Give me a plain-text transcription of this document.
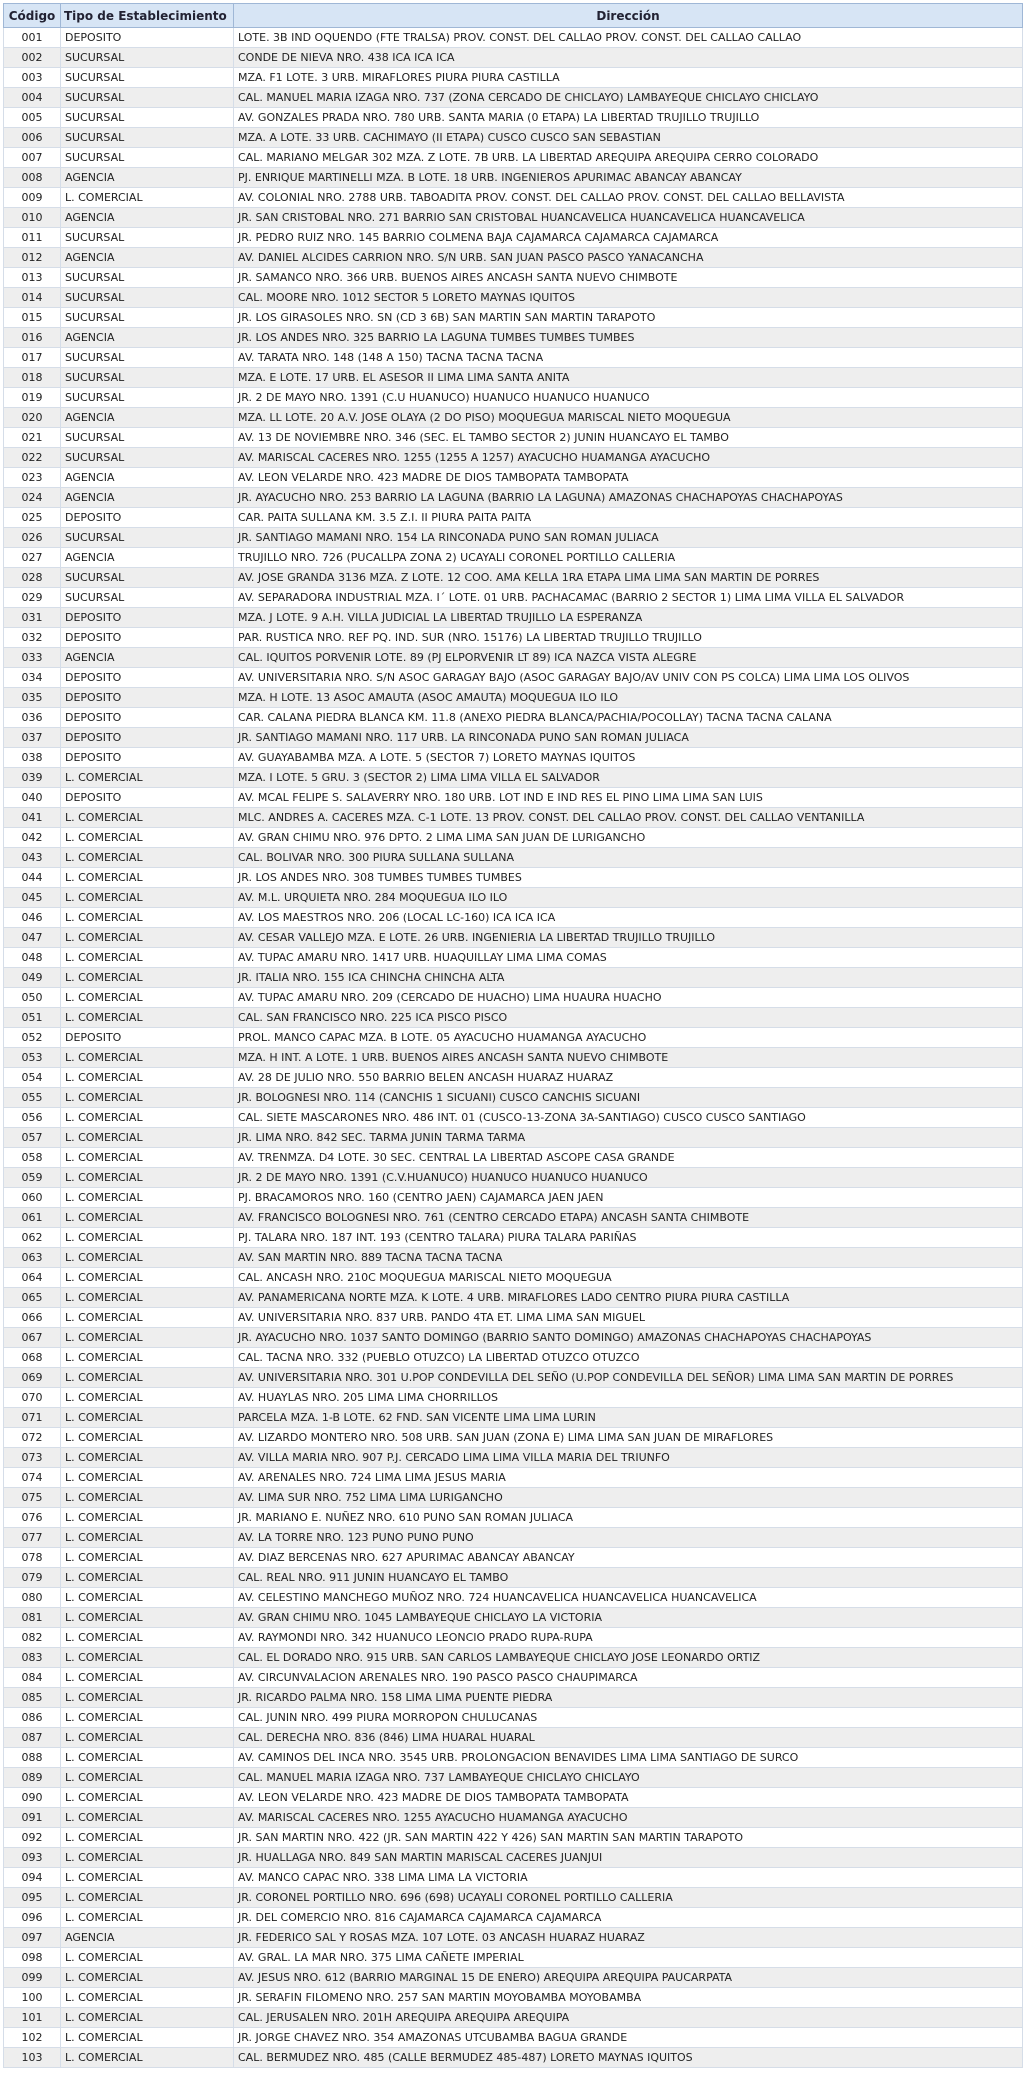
Código	Tipo de Establecimiento	Dirección
001	DEPOSITO	LOTE. 3B IND OQUENDO (FTE TRALSA) PROV. CONST. DEL CALLAO PROV. CONST. DEL CALLAO CALLAO
002	SUCURSAL	CONDE DE NIEVA NRO. 438 ICA ICA ICA
003	SUCURSAL	MZA. F1 LOTE. 3 URB. MIRAFLORES PIURA PIURA CASTILLA
004	SUCURSAL	CAL. MANUEL MARIA IZAGA NRO. 737 (ZONA CERCADO DE CHICLAYO) LAMBAYEQUE CHICLAYO CHICLAYO
005	SUCURSAL	AV. GONZALES PRADA NRO. 780 URB. SANTA MARIA (0 ETAPA) LA LIBERTAD TRUJILLO TRUJILLO
006	SUCURSAL	MZA. A LOTE. 33 URB. CACHIMAYO (II ETAPA) CUSCO CUSCO SAN SEBASTIAN
007	SUCURSAL	CAL. MARIANO MELGAR 302 MZA. Z LOTE. 7B URB. LA LIBERTAD AREQUIPA AREQUIPA CERRO COLORADO
008	AGENCIA	PJ. ENRIQUE MARTINELLI MZA. B LOTE. 18 URB. INGENIEROS APURIMAC ABANCAY ABANCAY
009	L. COMERCIAL	AV. COLONIAL NRO. 2788 URB. TABOADITA PROV. CONST. DEL CALLAO PROV. CONST. DEL CALLAO BELLAVISTA
010	AGENCIA	JR. SAN CRISTOBAL NRO. 271 BARRIO SAN CRISTOBAL HUANCAVELICA HUANCAVELICA HUANCAVELICA
011	SUCURSAL	JR. PEDRO RUIZ NRO. 145 BARRIO COLMENA BAJA CAJAMARCA CAJAMARCA CAJAMARCA
012	AGENCIA	AV. DANIEL ALCIDES CARRION NRO. S/N URB. SAN JUAN PASCO PASCO YANACANCHA
013	SUCURSAL	JR. SAMANCO NRO. 366 URB. BUENOS AIRES ANCASH SANTA NUEVO CHIMBOTE
014	SUCURSAL	CAL. MOORE NRO. 1012 SECTOR 5 LORETO MAYNAS IQUITOS
015	SUCURSAL	JR. LOS GIRASOLES NRO. SN (CD 3 6B) SAN MARTIN SAN MARTIN TARAPOTO
016	AGENCIA	JR. LOS ANDES NRO. 325 BARRIO LA LAGUNA TUMBES TUMBES TUMBES
017	SUCURSAL	AV. TARATA NRO. 148 (148 A 150) TACNA TACNA TACNA
018	SUCURSAL	MZA. E LOTE. 17 URB. EL ASESOR II LIMA LIMA SANTA ANITA
019	SUCURSAL	JR. 2 DE MAYO NRO. 1391 (C.U HUANUCO) HUANUCO HUANUCO HUANUCO
020	AGENCIA	MZA. LL LOTE. 20 A.V. JOSE OLAYA (2 DO PISO) MOQUEGUA MARISCAL NIETO MOQUEGUA
021	SUCURSAL	AV. 13 DE NOVIEMBRE NRO. 346 (SEC. EL TAMBO SECTOR 2) JUNIN HUANCAYO EL TAMBO
022	SUCURSAL	AV. MARISCAL CACERES NRO. 1255 (1255 A 1257) AYACUCHO HUAMANGA AYACUCHO
023	AGENCIA	AV. LEON VELARDE NRO. 423 MADRE DE DIOS TAMBOPATA TAMBOPATA
024	AGENCIA	JR. AYACUCHO NRO. 253 BARRIO LA LAGUNA (BARRIO LA LAGUNA) AMAZONAS CHACHAPOYAS CHACHAPOYAS
025	DEPOSITO	CAR. PAITA SULLANA KM. 3.5 Z.I. II PIURA PAITA PAITA
026	SUCURSAL	JR. SANTIAGO MAMANI NRO. 154 LA RINCONADA PUNO SAN ROMAN JULIACA
027	AGENCIA	TRUJILLO NRO. 726 (PUCALLPA ZONA 2) UCAYALI CORONEL PORTILLO CALLERIA
028	SUCURSAL	AV. JOSE GRANDA 3136 MZA. Z LOTE. 12 COO. AMA KELLA 1RA ETAPA LIMA LIMA SAN MARTIN DE PORRES
029	SUCURSAL	AV. SEPARADORA INDUSTRIAL MZA. I´ LOTE. 01 URB. PACHACAMAC (BARRIO 2 SECTOR 1) LIMA LIMA VILLA EL SALVADOR
031	DEPOSITO	MZA. J LOTE. 9 A.H. VILLA JUDICIAL LA LIBERTAD TRUJILLO LA ESPERANZA
032	DEPOSITO	PAR. RUSTICA NRO. REF PQ. IND. SUR (NRO. 15176) LA LIBERTAD TRUJILLO TRUJILLO
033	AGENCIA	CAL. IQUITOS PORVENIR LOTE. 89 (PJ ELPORVENIR LT 89) ICA NAZCA VISTA ALEGRE
034	DEPOSITO	AV. UNIVERSITARIA NRO. S/N ASOC GARAGAY BAJO (ASOC GARAGAY BAJO/AV UNIV CON PS COLCA) LIMA LIMA LOS OLIVOS
035	DEPOSITO	MZA. H LOTE. 13 ASOC AMAUTA (ASOC AMAUTA) MOQUEGUA ILO ILO
036	DEPOSITO	CAR. CALANA PIEDRA BLANCA KM. 11.8 (ANEXO PIEDRA BLANCA/PACHIA/POCOLLAY) TACNA TACNA CALANA
037	DEPOSITO	JR. SANTIAGO MAMANI NRO. 117 URB. LA RINCONADA PUNO SAN ROMAN JULIACA
038	DEPOSITO	AV. GUAYABAMBA MZA. A LOTE. 5 (SECTOR 7) LORETO MAYNAS IQUITOS
039	L. COMERCIAL	MZA. I LOTE. 5 GRU. 3 (SECTOR 2) LIMA LIMA VILLA EL SALVADOR
040	DEPOSITO	AV. MCAL FELIPE S. SALAVERRY NRO. 180 URB. LOT IND E IND RES EL PINO LIMA LIMA SAN LUIS
041	L. COMERCIAL	MLC. ANDRES A. CACERES MZA. C-1 LOTE. 13 PROV. CONST. DEL CALLAO PROV. CONST. DEL CALLAO VENTANILLA
042	L. COMERCIAL	AV. GRAN CHIMU NRO. 976 DPTO. 2 LIMA LIMA SAN JUAN DE LURIGANCHO
043	L. COMERCIAL	CAL. BOLIVAR NRO. 300 PIURA SULLANA SULLANA
044	L. COMERCIAL	JR. LOS ANDES NRO. 308 TUMBES TUMBES TUMBES
045	L. COMERCIAL	AV. M.L. URQUIETA NRO. 284 MOQUEGUA ILO ILO
046	L. COMERCIAL	AV. LOS MAESTROS NRO. 206 (LOCAL LC-160) ICA ICA ICA
047	L. COMERCIAL	AV. CESAR VALLEJO MZA. E LOTE. 26 URB. INGENIERIA LA LIBERTAD TRUJILLO TRUJILLO
048	L. COMERCIAL	AV. TUPAC AMARU NRO. 1417 URB. HUAQUILLAY LIMA LIMA COMAS
049	L. COMERCIAL	JR. ITALIA NRO. 155 ICA CHINCHA CHINCHA ALTA
050	L. COMERCIAL	AV. TUPAC AMARU NRO. 209 (CERCADO DE HUACHO) LIMA HUAURA HUACHO
051	L. COMERCIAL	CAL. SAN FRANCISCO NRO. 225 ICA PISCO PISCO
052	DEPOSITO	PROL. MANCO CAPAC MZA. B LOTE. 05 AYACUCHO HUAMANGA AYACUCHO
053	L. COMERCIAL	MZA. H INT. A LOTE. 1 URB. BUENOS AIRES ANCASH SANTA NUEVO CHIMBOTE
054	L. COMERCIAL	AV. 28 DE JULIO NRO. 550 BARRIO BELEN ANCASH HUARAZ HUARAZ
055	L. COMERCIAL	JR. BOLOGNESI NRO. 114 (CANCHIS 1 SICUANI) CUSCO CANCHIS SICUANI
056	L. COMERCIAL	CAL. SIETE MASCARONES NRO. 486 INT. 01 (CUSCO-13-ZONA 3A-SANTIAGO) CUSCO CUSCO SANTIAGO
057	L. COMERCIAL	JR. LIMA NRO. 842 SEC. TARMA JUNIN TARMA TARMA
058	L. COMERCIAL	AV. TRENMZA. D4 LOTE. 30 SEC. CENTRAL LA LIBERTAD ASCOPE CASA GRANDE
059	L. COMERCIAL	JR. 2 DE MAYO NRO. 1391 (C.V.HUANUCO) HUANUCO HUANUCO HUANUCO
060	L. COMERCIAL	PJ. BRACAMOROS NRO. 160 (CENTRO JAEN) CAJAMARCA JAEN JAEN
061	L. COMERCIAL	AV. FRANCISCO BOLOGNESI NRO. 761 (CENTRO CERCADO ETAPA) ANCASH SANTA CHIMBOTE
062	L. COMERCIAL	PJ. TALARA NRO. 187 INT. 193 (CENTRO TALARA) PIURA TALARA PARIÑAS
063	L. COMERCIAL	AV. SAN MARTIN NRO. 889 TACNA TACNA TACNA
064	L. COMERCIAL	CAL. ANCASH NRO. 210C MOQUEGUA MARISCAL NIETO MOQUEGUA
065	L. COMERCIAL	AV. PANAMERICANA NORTE MZA. K LOTE. 4 URB. MIRAFLORES LADO CENTRO PIURA PIURA CASTILLA
066	L. COMERCIAL	AV. UNIVERSITARIA NRO. 837 URB. PANDO 4TA ET. LIMA LIMA SAN MIGUEL
067	L. COMERCIAL	JR. AYACUCHO NRO. 1037 SANTO DOMINGO (BARRIO SANTO DOMINGO) AMAZONAS CHACHAPOYAS CHACHAPOYAS
068	L. COMERCIAL	CAL. TACNA NRO. 332 (PUEBLO OTUZCO) LA LIBERTAD OTUZCO OTUZCO
069	L. COMERCIAL	AV. UNIVERSITARIA NRO. 301 U.POP CONDEVILLA DEL SEÑO (U.POP CONDEVILLA DEL SEÑOR) LIMA LIMA SAN MARTIN DE PORRES
070	L. COMERCIAL	AV. HUAYLAS NRO. 205 LIMA LIMA CHORRILLOS
071	L. COMERCIAL	PARCELA MZA. 1-B LOTE. 62 FND. SAN VICENTE LIMA LIMA LURIN
072	L. COMERCIAL	AV. LIZARDO MONTERO NRO. 508 URB. SAN JUAN (ZONA E) LIMA LIMA SAN JUAN DE MIRAFLORES
073	L. COMERCIAL	AV. VILLA MARIA NRO. 907 P.J. CERCADO LIMA LIMA VILLA MARIA DEL TRIUNFO
074	L. COMERCIAL	AV. ARENALES NRO. 724 LIMA LIMA JESUS MARIA
075	L. COMERCIAL	AV. LIMA SUR NRO. 752 LIMA LIMA LURIGANCHO
076	L. COMERCIAL	JR. MARIANO E. NUÑEZ NRO. 610 PUNO SAN ROMAN JULIACA
077	L. COMERCIAL	AV. LA TORRE NRO. 123 PUNO PUNO PUNO
078	L. COMERCIAL	AV. DIAZ BERCENAS NRO. 627 APURIMAC ABANCAY ABANCAY
079	L. COMERCIAL	CAL. REAL NRO. 911 JUNIN HUANCAYO EL TAMBO
080	L. COMERCIAL	AV. CELESTINO MANCHEGO MUÑOZ NRO. 724 HUANCAVELICA HUANCAVELICA HUANCAVELICA
081	L. COMERCIAL	AV. GRAN CHIMU NRO. 1045 LAMBAYEQUE CHICLAYO LA VICTORIA
082	L. COMERCIAL	AV. RAYMONDI NRO. 342 HUANUCO LEONCIO PRADO RUPA-RUPA
083	L. COMERCIAL	CAL. EL DORADO NRO. 915 URB. SAN CARLOS LAMBAYEQUE CHICLAYO JOSE LEONARDO ORTIZ
084	L. COMERCIAL	AV. CIRCUNVALACION ARENALES NRO. 190 PASCO PASCO CHAUPIMARCA
085	L. COMERCIAL	JR. RICARDO PALMA NRO. 158 LIMA LIMA PUENTE PIEDRA
086	L. COMERCIAL	CAL. JUNIN NRO. 499 PIURA MORROPON CHULUCANAS
087	L. COMERCIAL	CAL. DERECHA NRO. 836 (846) LIMA HUARAL HUARAL
088	L. COMERCIAL	AV. CAMINOS DEL INCA NRO. 3545 URB. PROLONGACION BENAVIDES LIMA LIMA SANTIAGO DE SURCO
089	L. COMERCIAL	CAL. MANUEL MARIA IZAGA NRO. 737 LAMBAYEQUE CHICLAYO CHICLAYO
090	L. COMERCIAL	AV. LEON VELARDE NRO. 423 MADRE DE DIOS TAMBOPATA TAMBOPATA
091	L. COMERCIAL	AV. MARISCAL CACERES NRO. 1255 AYACUCHO HUAMANGA AYACUCHO
092	L. COMERCIAL	JR. SAN MARTIN NRO. 422 (JR. SAN MARTIN 422 Y 426) SAN MARTIN SAN MARTIN TARAPOTO
093	L. COMERCIAL	JR. HUALLAGA NRO. 849 SAN MARTIN MARISCAL CACERES JUANJUI
094	L. COMERCIAL	AV. MANCO CAPAC NRO. 338 LIMA LIMA LA VICTORIA
095	L. COMERCIAL	JR. CORONEL PORTILLO NRO. 696 (698) UCAYALI CORONEL PORTILLO CALLERIA
096	L. COMERCIAL	JR. DEL COMERCIO NRO. 816 CAJAMARCA CAJAMARCA CAJAMARCA
097	AGENCIA	JR. FEDERICO SAL Y ROSAS MZA. 107 LOTE. 03 ANCASH HUARAZ HUARAZ
098	L. COMERCIAL	AV. GRAL. LA MAR NRO. 375 LIMA CAÑETE IMPERIAL
099	L. COMERCIAL	AV. JESUS NRO. 612 (BARRIO MARGINAL 15 DE ENERO) AREQUIPA AREQUIPA PAUCARPATA
100	L. COMERCIAL	JR. SERAFIN FILOMENO NRO. 257 SAN MARTIN MOYOBAMBA MOYOBAMBA
101	L. COMERCIAL	CAL. JERUSALEN NRO. 201H AREQUIPA AREQUIPA AREQUIPA
102	L. COMERCIAL	JR. JORGE CHAVEZ NRO. 354 AMAZONAS UTCUBAMBA BAGUA GRANDE
103	L. COMERCIAL	CAL. BERMUDEZ NRO. 485 (CALLE BERMUDEZ 485-487) LORETO MAYNAS IQUITOS
